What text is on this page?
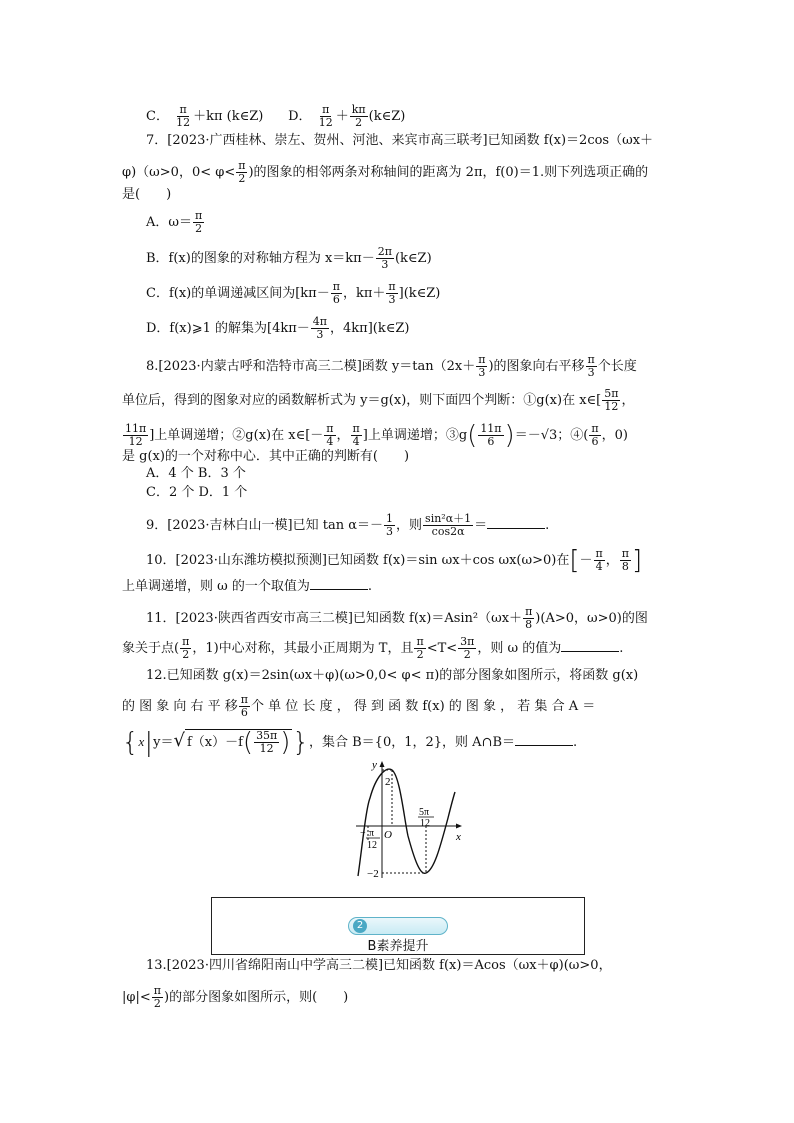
C． $\frac{\pi}{12} +k\pi$ (k∈Z) D． $\frac{\pi}{12} + \frac{k\pi}{2}$ (k∈Z)
7．[2023·广西桂林、崇左、贺州、河池、来宾市高三联考]已知函数 f(x)＝2cos（ωx＋
φ)（ω>0，$0< \varphi< \frac{\pi}{2}$ )的图象的相邻两条对称轴间的距离为 2π，f(0)＝1.则下列选项正确的
是(　　)
A．$\omega= \frac{\pi}{2}$
B．f(x)的图象的对称轴方程为 $x=k\pi- \frac{2\pi}{3}$ (k∈Z)
C．f(x)的单调递减区间为[$k\pi- \frac{\pi}{6}$ ，$k\pi+ \frac{\pi}{3}$ ](k∈Z)
D．f(x)⩾1 的解集为[$4k\pi- \frac{4\pi}{3}$ ，4kπ](k∈Z)
8.[2023·内蒙古呼和浩特市高三二模]函数 $y=\tan(2x+ \frac{\pi}{3}$ )的图象向右平移 $\frac{\pi}{3}$ 个长度
单位后，得到的图象对应的函数解析式为 y＝g(x)，则下面四个判断：①g(x)在 x∈[ $\frac{5\pi}{12}$ ，
$\frac{11\pi}{12}$ ]上单调递增；②g(x)在 x∈[－ $\frac{\pi}{4}$ ， $\frac{\pi}{4}$ ]上单调递增；③g( $\frac{11\pi}{6} )=-√3$；④( $\frac{\pi}{6}$ ，0)
是 g(x)的一个对称中心．其中正确的判断有(　　)
A．4 个 B．3 个
C．2 个 D．1 个
9．[2023·吉林白山一模]已知 $\tan \alpha=- \frac{1}{3}$ ，则 $\frac{\text{sin²α＋1}}{\cos 2\alpha}$ ＝	.
10．[2023·山东潍坊模拟预测]已知函数 f(x)＝sin ωx＋cos ωx(ω>0)在[－ $\frac{\pi}{4}$ ， $\frac{\pi}{8}$ ]
上单调递增，则 ω 的一个取值为	.
11．[2023·陕西省西安市高三二模]已知函数 $f(x)=Asin^2(\omega x+ \frac{\pi}{8} )(A>0$，ω>0)的图
象关于点( $\frac{\pi}{2}$ ，1)中心对称，其最小正周期为 T，且 $\frac{\pi}{2} <T< \frac{3\pi}{2}$ ，则 ω 的值为	.
12.已知函数 g(x)＝2sin(ωx＋φ)(ω>0,0< φ< π)的部分图象如图所示，将函数 g(x)
的 图 象 向 右 平 移 $\frac{\pi}{6}$ 个 单 位 长 度 ， 得 到 函 数 f(x) 的 图 象 ， 若 集 合 A ＝
{x|y＝√ $f(x)-f( \frac{35\pi}{12}$ )}，集合 B＝{0，1，2}，则 A∩B＝	.
y
x
O
2
−2
− π
12
5π
12
2
B素养提升
13.[2023·四川省绵阳南山中学高三二模]已知函数 f(x)＝Acos（ωx＋φ)(ω>0，
$|\varphi|< \frac{\pi}{2}$ )的部分图象如图所示，则(　　)
